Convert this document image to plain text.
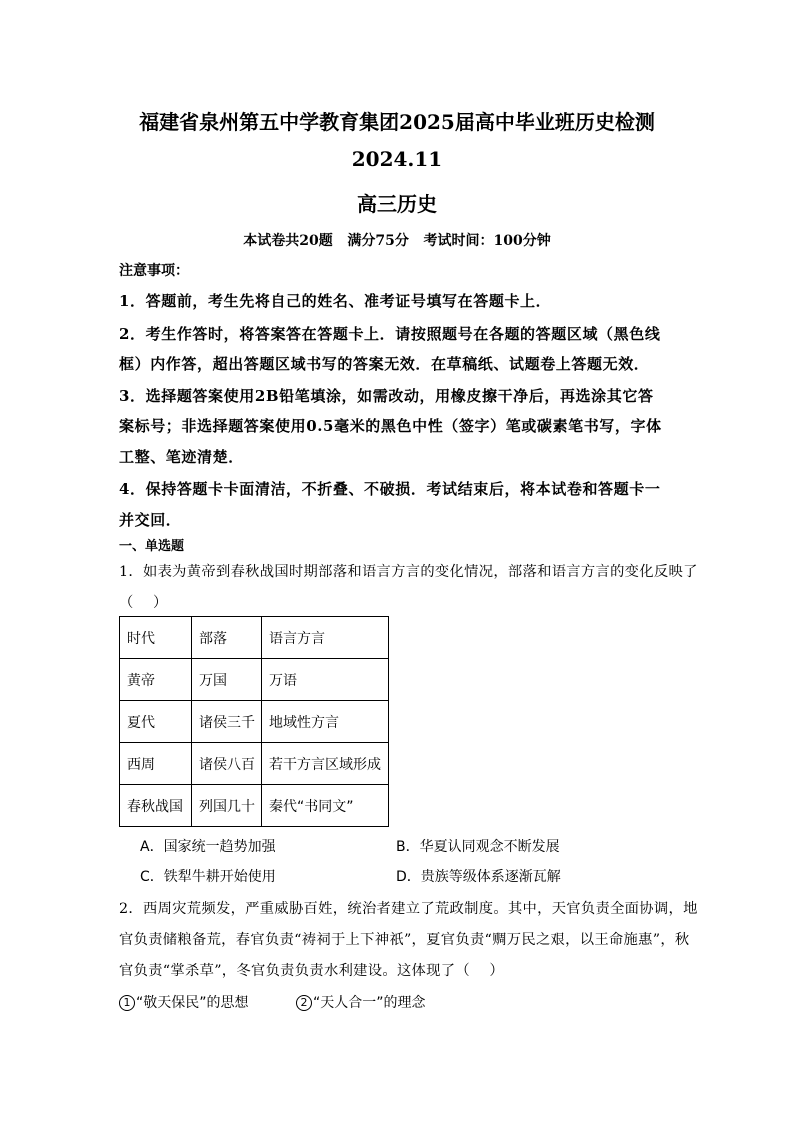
福建省泉州第五中学教育集团2025届高中毕业班历史检测
2024.11
高三历史
本试卷共20题   满分75分   考试时间：100分钟
注意事项：
1．答题前，考生先将自己的姓名、准考证号填写在答题卡上．
2．考生作答时，将答案答在答题卡上．请按照题号在各题的答题区域（黑色线
框）内作答，超出答题区域书写的答案无效．在草稿纸、试题卷上答题无效．
3．选择题答案使用2B铅笔填涂，如需改动，用橡皮擦干净后，再选涂其它答
案标号；非选择题答案使用0.5毫米的黑色中性（签字）笔或碳素笔书写，字体
工整、笔迹清楚．
4．保持答题卡卡面清洁，不折叠、不破损．考试结束后，将本试卷和答题卡一
并交回．
一、单选题
1．如表为黄帝到春秋战国时期部落和语言方言的变化情况，部落和语言方言的变化反映了
（    ）
时代	部落	语言方言
黄帝	万国	万语
夏代	诸侯三千	地域性方言
西周	诸侯八百	若干方言区域形成
春秋战国	列国几十	秦代“书同文”
A．国家统一趋势加强	B．华夏认同观念不断发展
C．铁犁牛耕开始使用	D．贵族等级体系逐渐瓦解
2．西周灾荒频发，严重威胁百姓，统治者建立了荒政制度。其中，天官负责全面协调，地
官负责储粮备荒，春官负责“祷祠于上下神祇”，夏官负责“赒万民之艰，以王命施惠”，秋
官负责“掌杀草”，冬官负责负责水利建设。这体现了（    ）
1 “敬天保民”的思想	2 “天人合一”的理念
